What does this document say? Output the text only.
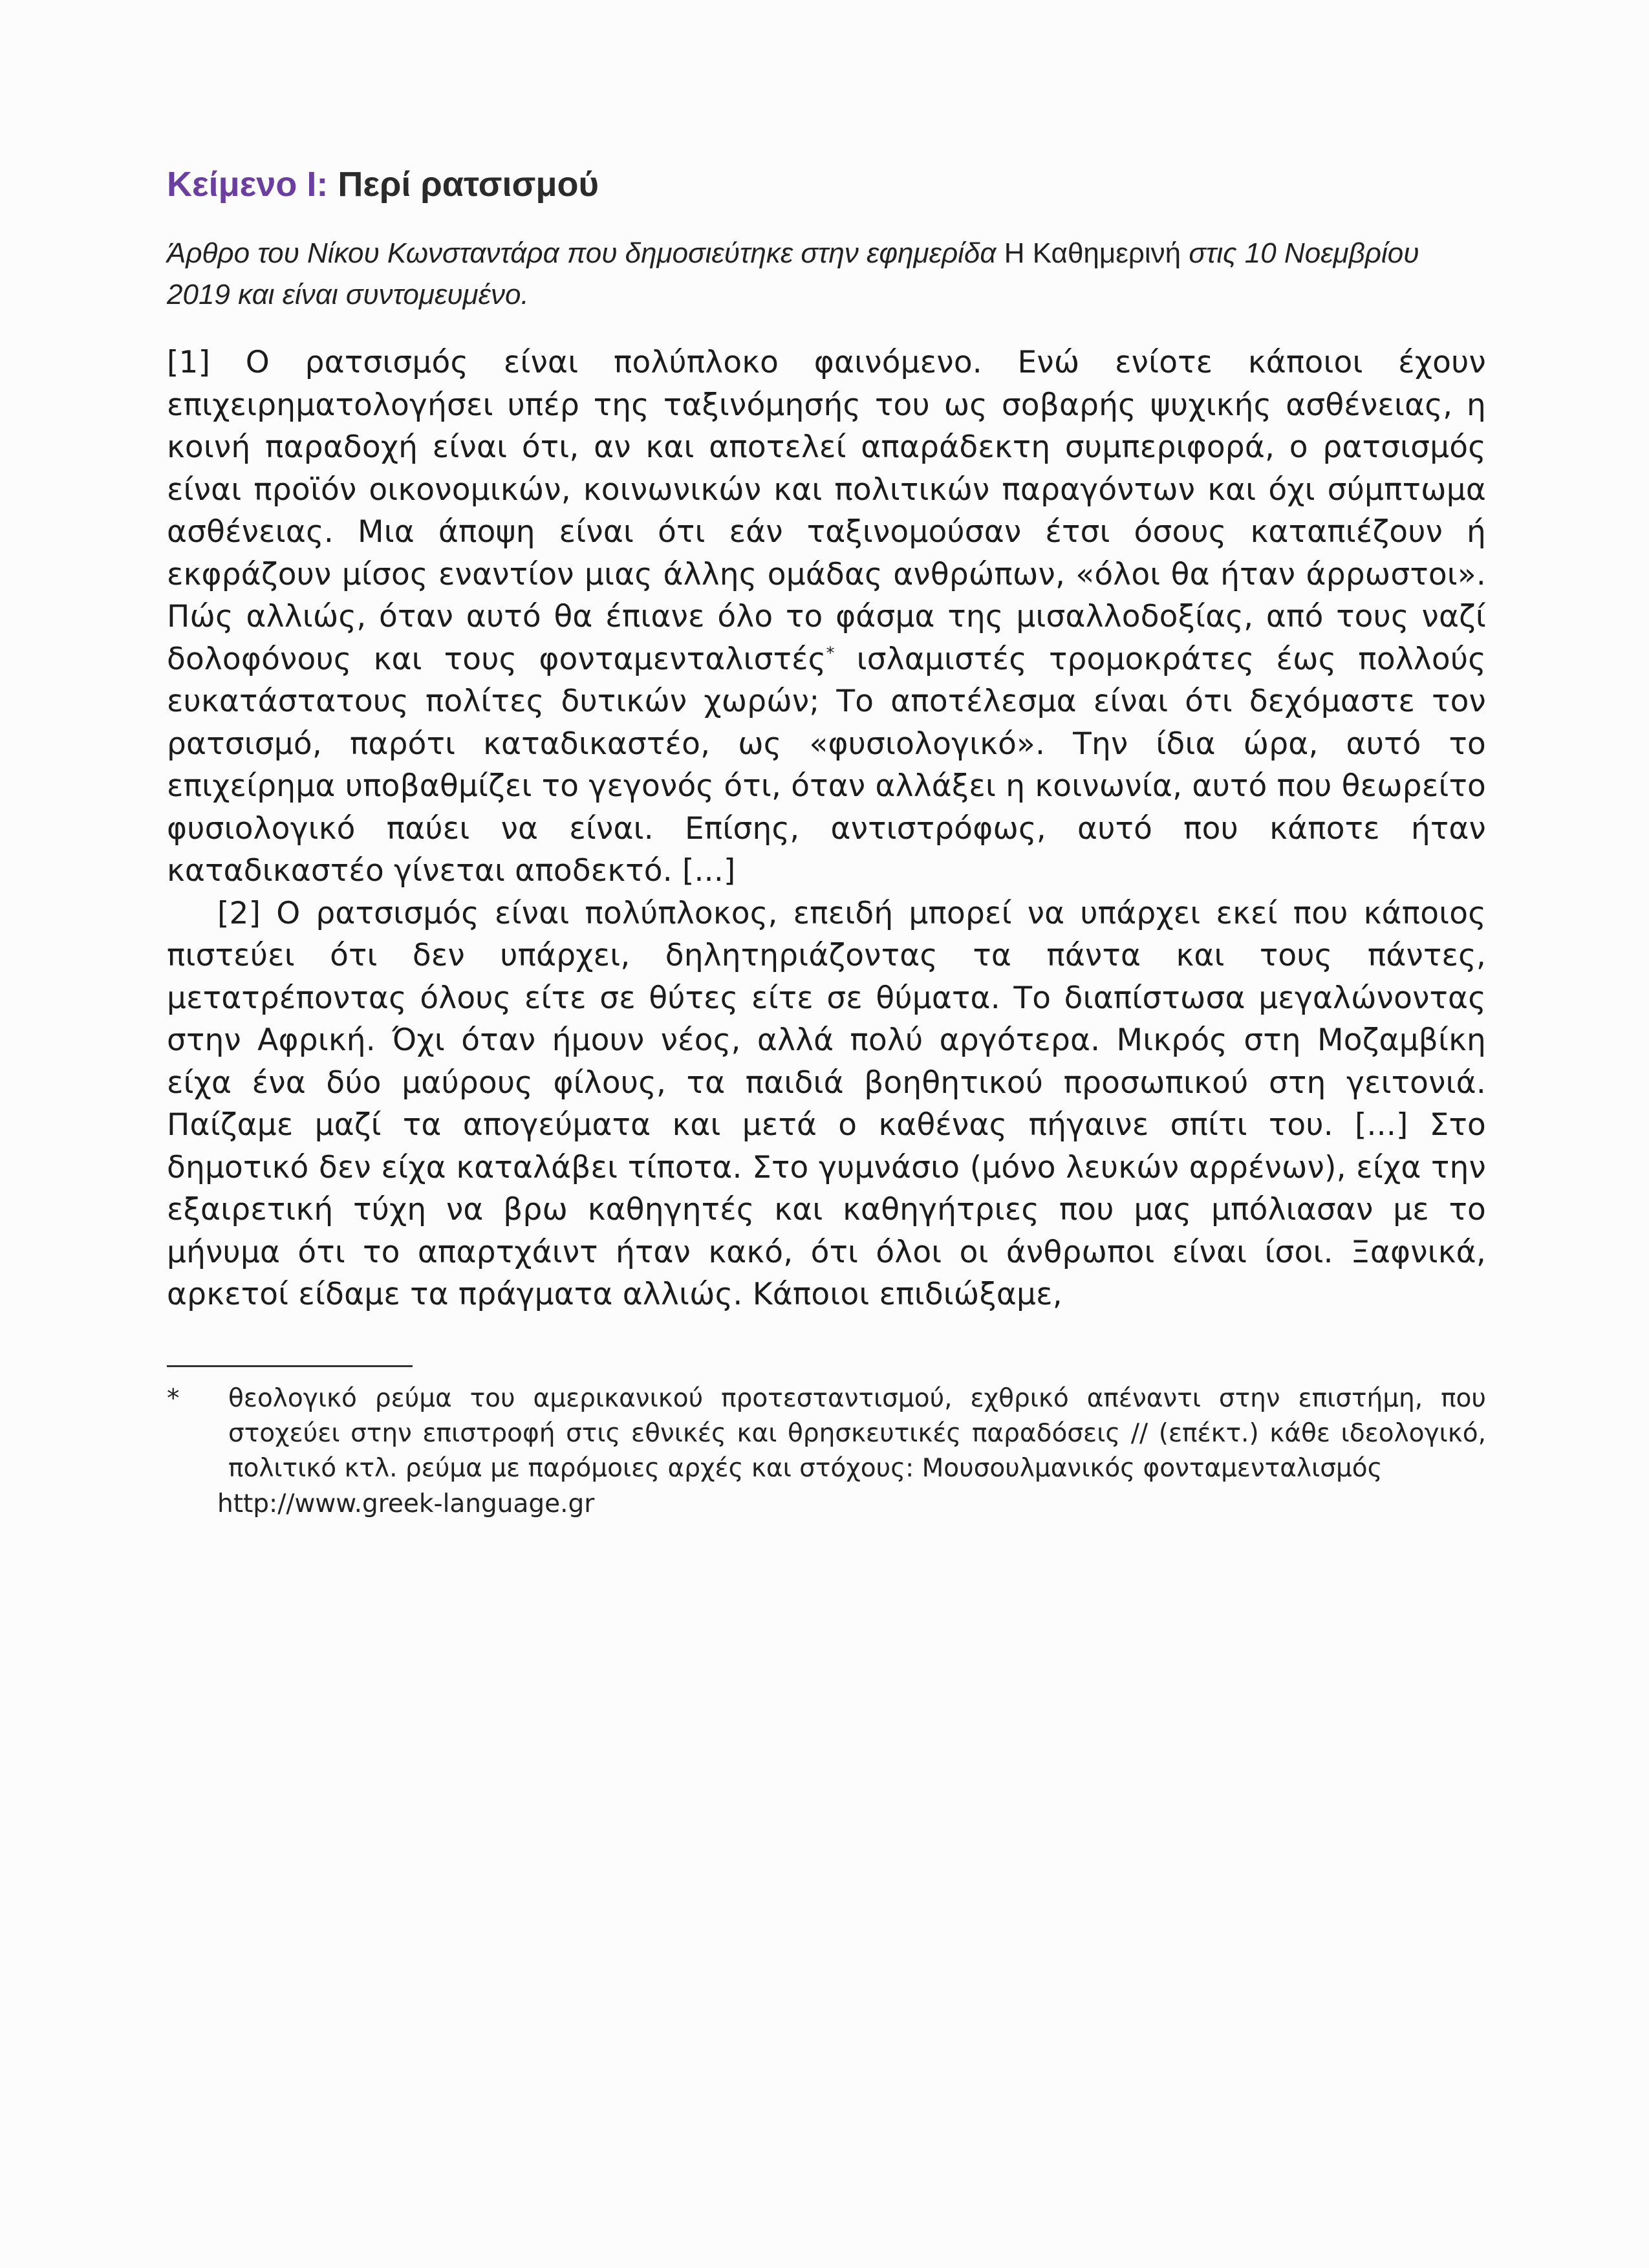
Κείμενο Ι: Περί ρατσισμού

Άρθρο του Νίκου Κωνσταντάρα που δημοσιεύτηκε στην εφημερίδα Η Καθημερινή στις 10 Νοεμβρίου 2019 και είναι συντομευμένο.

[1] Ο ρατσισμός είναι πολύπλοκο φαινόμενο. Ενώ ενίοτε κάποιοι έχουν επιχειρηματολογήσει υπέρ της ταξινόμησής του ως σοβαρής ψυχικής ασθένειας, η κοινή παραδοχή είναι ότι, αν και αποτελεί απαράδεκτη συμπεριφορά, ο ρατσισμός είναι προϊόν οικονομικών, κοινωνικών και πολιτικών παραγόντων και όχι σύμπτωμα ασθένειας. Μια άποψη είναι ότι εάν ταξινομούσαν έτσι όσους καταπιέζουν ή εκφράζουν μίσος εναντίον μιας άλλης ομάδας ανθρώπων, «όλοι θα ήταν άρρωστοι». Πώς αλλιώς, όταν αυτό θα έπιανε όλο το φάσμα της μισαλλοδοξίας, από τους ναζί δολοφόνους και τους φονταμενταλιστές* ισλαμιστές τρομοκράτες έως πολλούς ευκατάστατους πολίτες δυτικών χωρών; Το αποτέλεσμα είναι ότι δεχόμαστε τον ρατσισμό, παρότι καταδικαστέο, ως «φυσιολογικό». Την ίδια ώρα, αυτό το επιχείρημα υποβαθμίζει το γεγονός ότι, όταν αλλάξει η κοινωνία, αυτό που θεωρείτο φυσιολογικό παύει να είναι. Επίσης, αντιστρόφως, αυτό που κάποτε ήταν καταδικαστέο γίνεται αποδεκτό. [...]

[2] Ο ρατσισμός είναι πολύπλοκος, επειδή μπορεί να υπάρχει εκεί που κάποιος πιστεύει ότι δεν υπάρχει, δηλητηριάζοντας τα πάντα και τους πάντες, μετατρέποντας όλους είτε σε θύτες είτε σε θύματα. Το διαπίστωσα μεγαλώνοντας στην Αφρική. Όχι όταν ήμουν νέος, αλλά πολύ αργότερα. Μικρός στη Μοζαμβίκη είχα ένα δύο μαύρους φίλους, τα παιδιά βοηθητικού προσωπικού στη γειτονιά. Παίζαμε μαζί τα απογεύματα και μετά ο καθένας πήγαινε σπίτι του. [...] Στο δημοτικό δεν είχα καταλάβει τίποτα. Στο γυμνάσιο (μόνο λευκών αρρένων), είχα την εξαιρετική τύχη να βρω καθηγητές και καθηγήτριες που μας μπόλιασαν με το μήνυμα ότι το απαρτχάιντ ήταν κακό, ότι όλοι οι άνθρωποι είναι ίσοι. Ξαφνικά, αρκετοί είδαμε τα πράγματα αλλιώς. Κάποιοι επιδιώξαμε,

*	θεολογικό ρεύμα του αμερικανικού προτεσταντισμού, εχθρικό απέναντι στην επιστήμη, που στοχεύει στην επιστροφή στις εθνικές και θρησκευτικές παραδόσεις // (επέκτ.) κάθε ιδεολογικό, πολιτικό κτλ. ρεύμα με παρόμοιες αρχές και στόχους: Μουσουλμανικός φονταμενταλισμός
http://www.greek-language.gr
